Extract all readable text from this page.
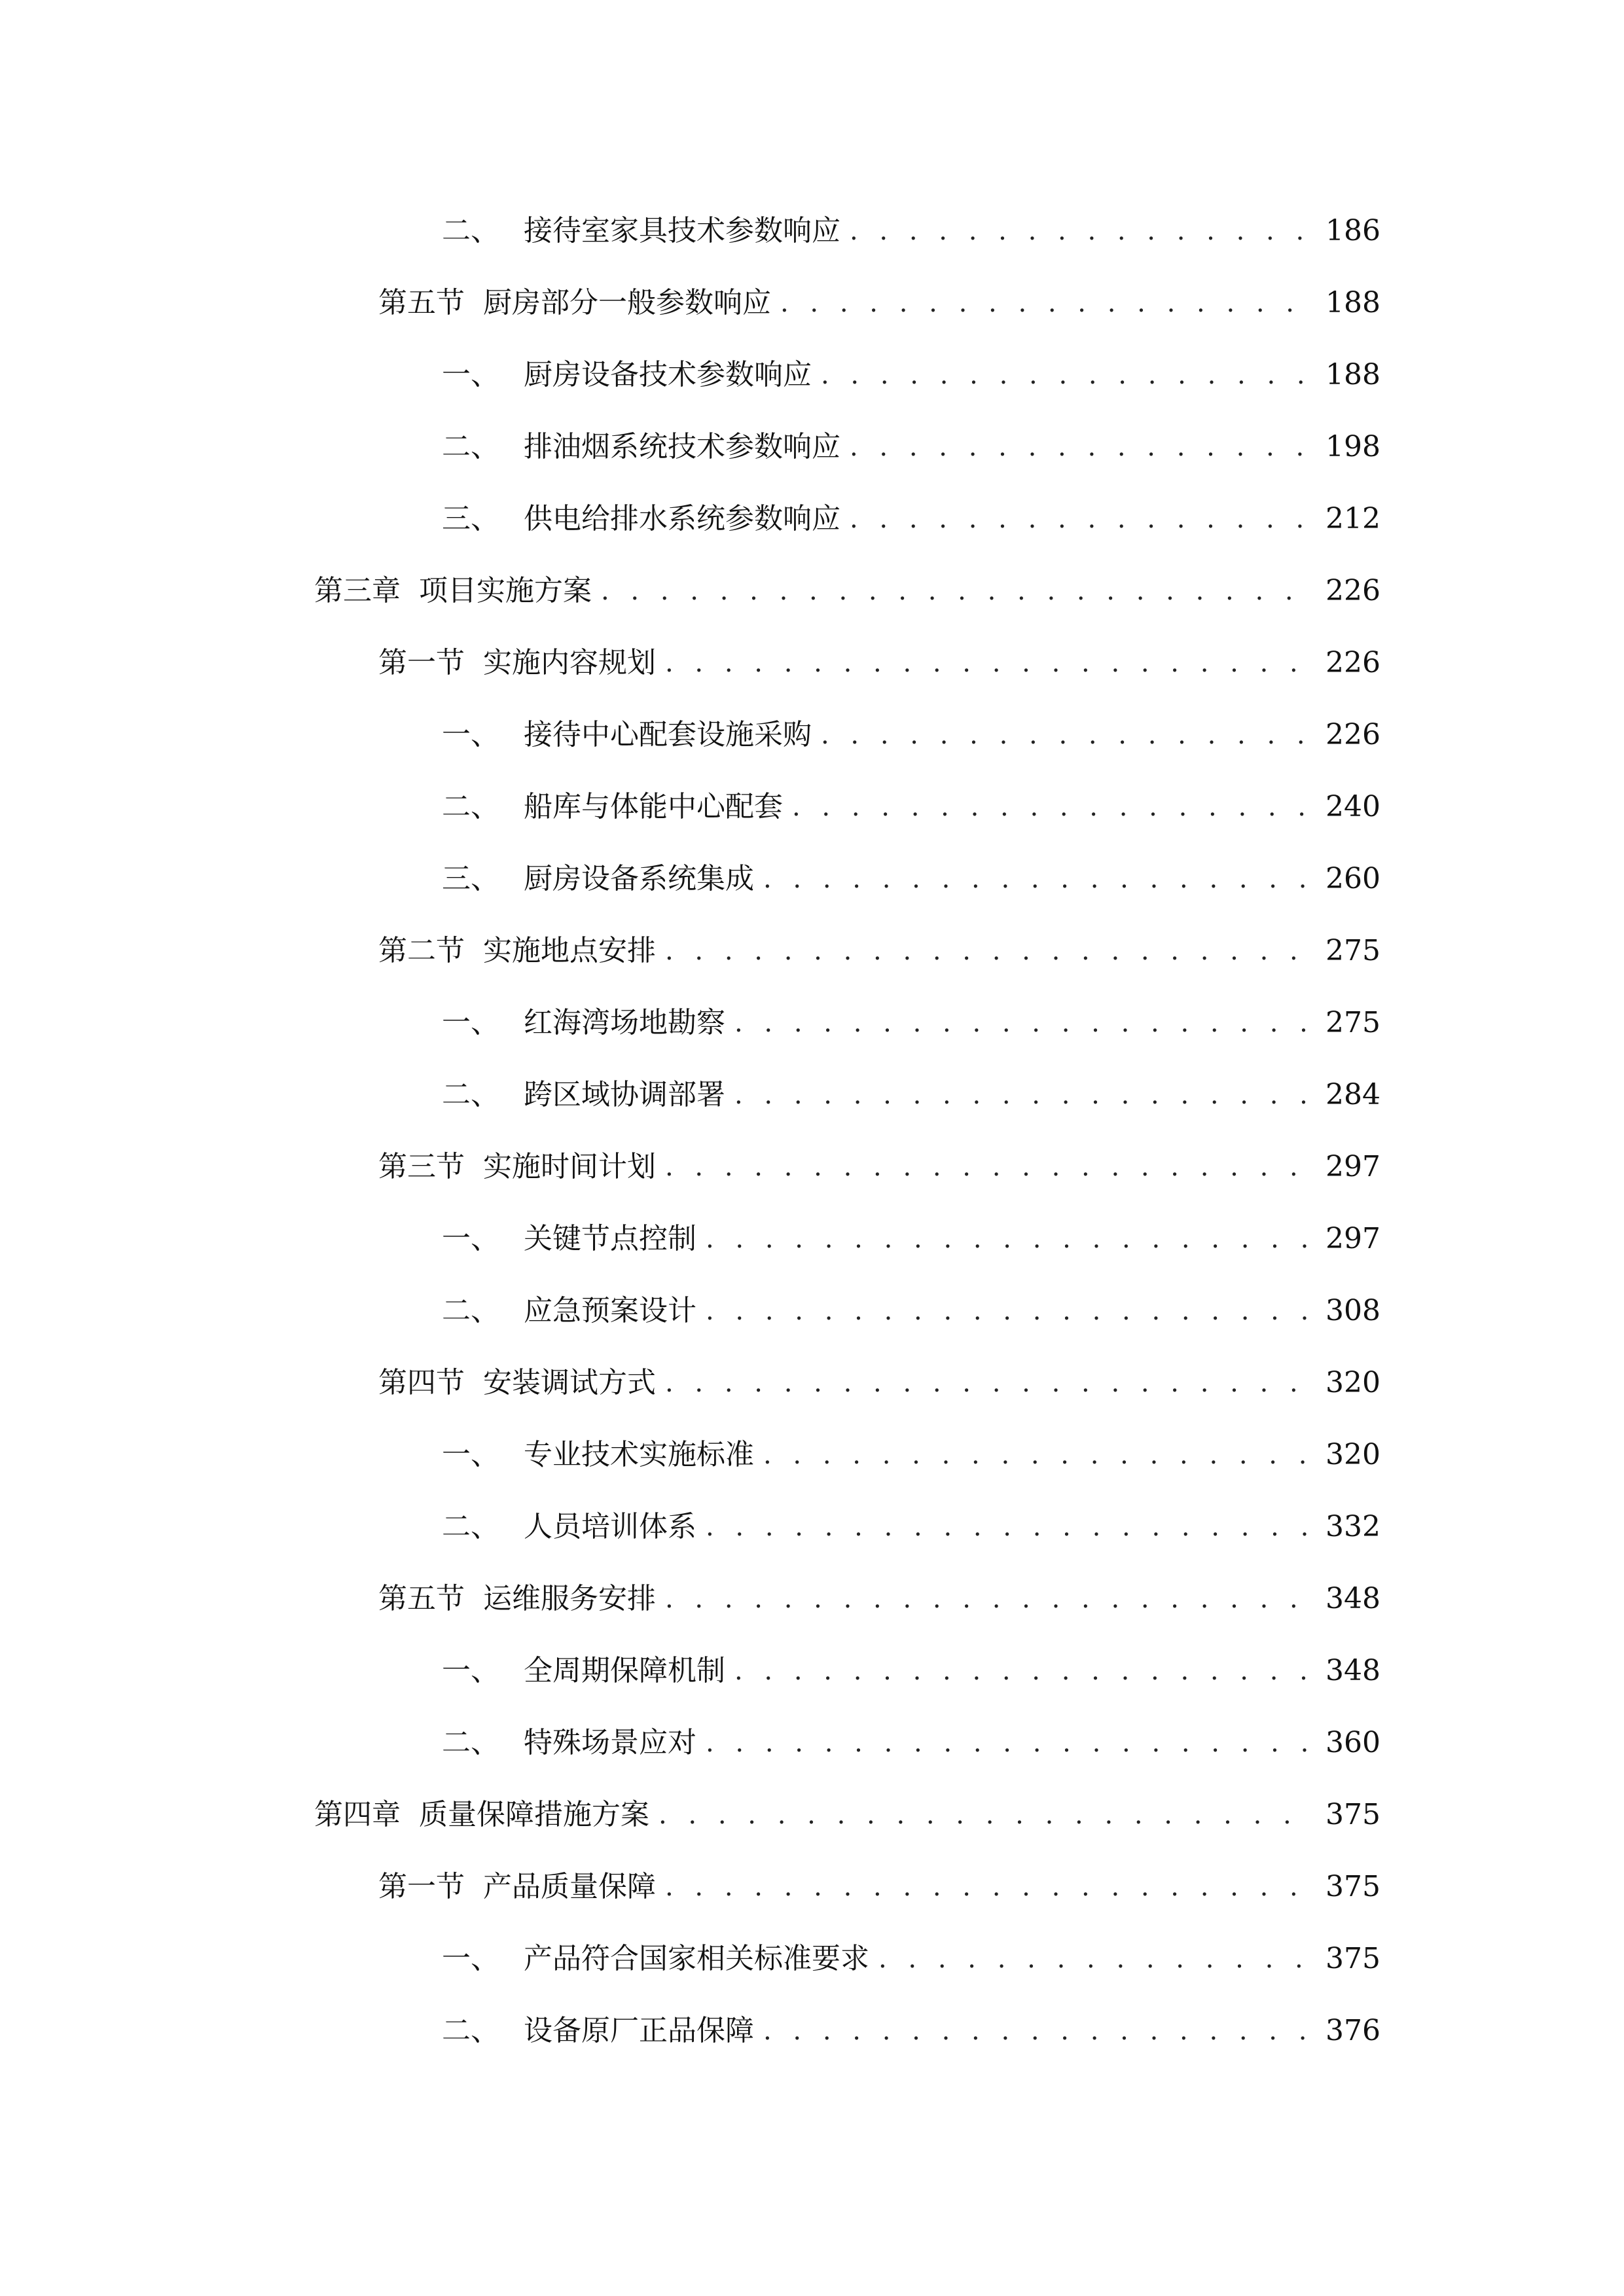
二、 接待室家具技术参数响应 . . .	186
第五节 厨房部分一般参数响应 . . .	188
一、 厨房设备技术参数响应 . . .	188
二、 排油烟系统技术参数响应 . . .	198
三、 供电给排水系统参数响应 . . .	212
第三章 项目实施方案 . . .	226
第一节 实施内容规划 . . .	226
一、 接待中心配套设施采购 . . .	226
二、 船库与体能中心配套 . . .	240
三、 厨房设备系统集成 . . .	260
第二节 实施地点安排 . . .	275
一、 红海湾场地勘察 . . .	275
二、 跨区域协调部署 . . .	284
第三节 实施时间计划 . . .	297
一、 关键节点控制 . . .	297
二、 应急预案设计 . . .	308
第四节 安装调试方式 . . .	320
一、 专业技术实施标准 . . .	320
二、 人员培训体系 . . .	332
第五节 运维服务安排 . . .	348
一、 全周期保障机制 . . .	348
二、 特殊场景应对 . . .	360
第四章 质量保障措施方案 . . .	375
第一节 产品质量保障 . . .	375
一、 产品符合国家相关标准要求 . . .	375
二、 设备原厂正品保障 . . .	376
